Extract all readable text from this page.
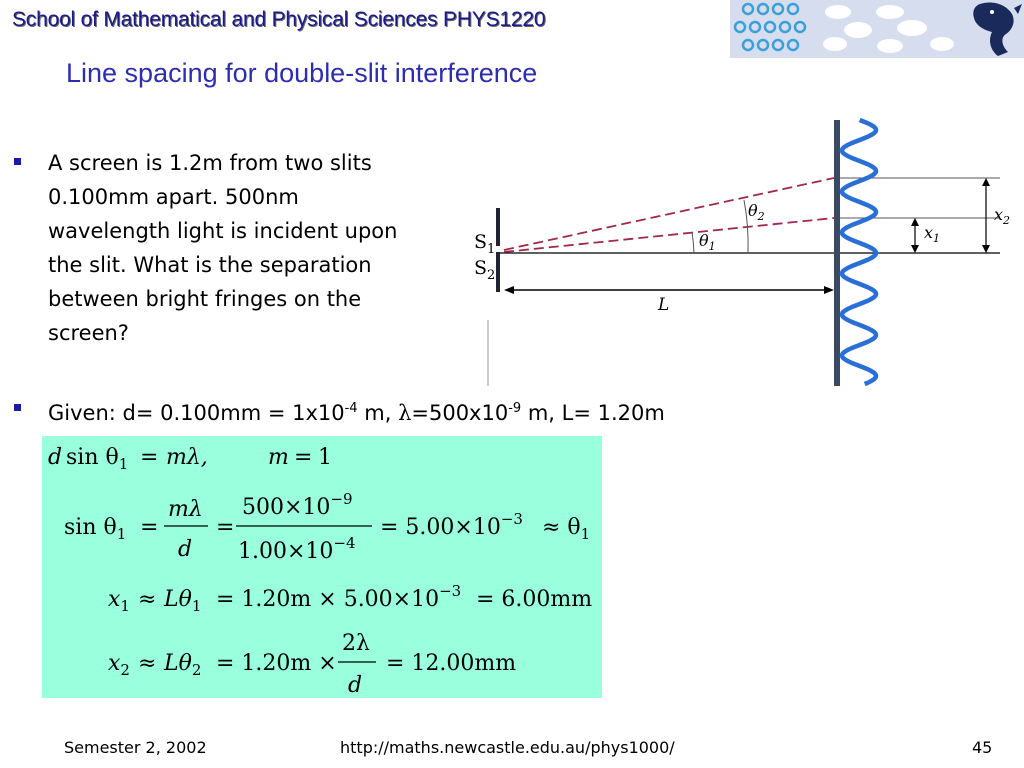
School of Mathematical and Physical Sciences PHYS1220
Line spacing for double-slit interference
A screen is 1.2m from two slits
0.100mm apart. 500nm
wavelength light is incident upon
the slit. What is the separation
between bright fringes on the
screen?
Given: $d= 0.100mm = 1x10^{-4}$ m, $\lambda=500x10^{-9}$ m, L= 1.20m
$S_1$
$S_2$
$\theta_1$
$\theta_2$
$x_1$
$x_2$
L
d $\sin \theta_1 = m\lambda$,	m = 1
$\sin \theta_1$ =
mλ
d
=
$500\times 10^{-9}$
$1.00\times 10^{-4}$
= $5.00\times 10^{-3} \approx \theta_1$
$x_1 \approx L\theta_1 = 1.20m \times 5.00\times 10^{-3} = 6.00mm$
$x_2 \approx L\theta_2 = 1.20m$ ×
2λ
d
= 12.00mm
Semester 2, 2002	http://maths.newcastle.edu.au/phys1000/	45
